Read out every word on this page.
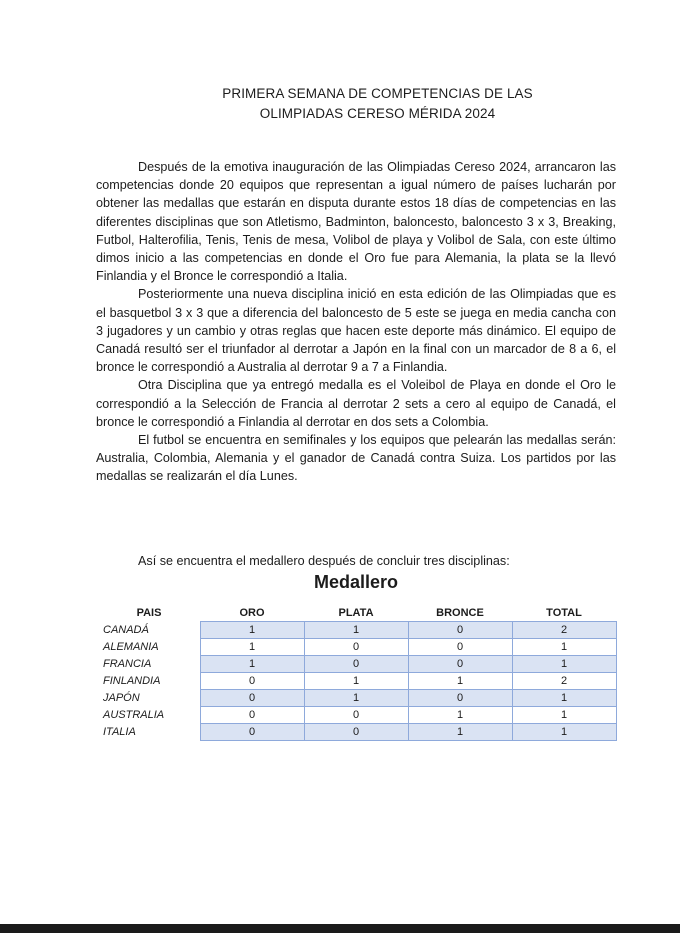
PRIMERA SEMANA DE COMPETENCIAS DE LAS
OLIMPIADAS CERESO MÉRIDA 2024

Después de la emotiva inauguración de las Olimpiadas Cereso 2024, arrancaron las competencias donde 20 equipos que representan a igual número de países lucharán por obtener las medallas que estarán en disputa durante estos 18 días de competencias en las diferentes disciplinas que son Atletismo, Badminton, baloncesto, baloncesto 3 x 3, Breaking, Futbol, Halterofilia, Tenis, Tenis de mesa, Volibol de playa y Volibol de Sala, con este último dimos inicio a las competencias en donde el Oro fue para Alemania, la plata se la llevó Finlandia y el Bronce le correspondió a Italia.

Posteriormente una nueva disciplina inició en esta edición de las Olimpiadas que es el basquetbol 3 x 3 que a diferencia del baloncesto de 5 este se juega en media cancha con 3 jugadores y un cambio y otras reglas que hacen este deporte más dinámico. El equipo de Canadá resultó ser el triunfador al derrotar a Japón en la final con un marcador de 8 a 6, el bronce le correspondió a Australia al derrotar 9 a 7 a Finlandia.

Otra Disciplina que ya entregó medalla es el Voleibol de Playa en donde el Oro le correspondió a la Selección de Francia al derrotar 2 sets a cero al equipo de Canadá, el bronce le correspondió a Finlandia al derrotar en dos sets a Colombia.

El futbol se encuentra en semifinales y los equipos que pelearán las medallas serán: Australia, Colombia, Alemania y el ganador de Canadá contra Suiza. Los partidos por las medallas se realizarán el día Lunes.

Así se encuentra el medallero después de concluir tres disciplinas:
Medallero
PAIS	ORO	PLATA	BRONCE	TOTAL
CANADÁ	1	1	0	2
ALEMANIA	1	0	0	1
FRANCIA	1	0	0	1
FINLANDIA	0	1	1	2
JAPÓN	0	1	0	1
AUSTRALIA	0	0	1	1
ITALIA	0	0	1	1
